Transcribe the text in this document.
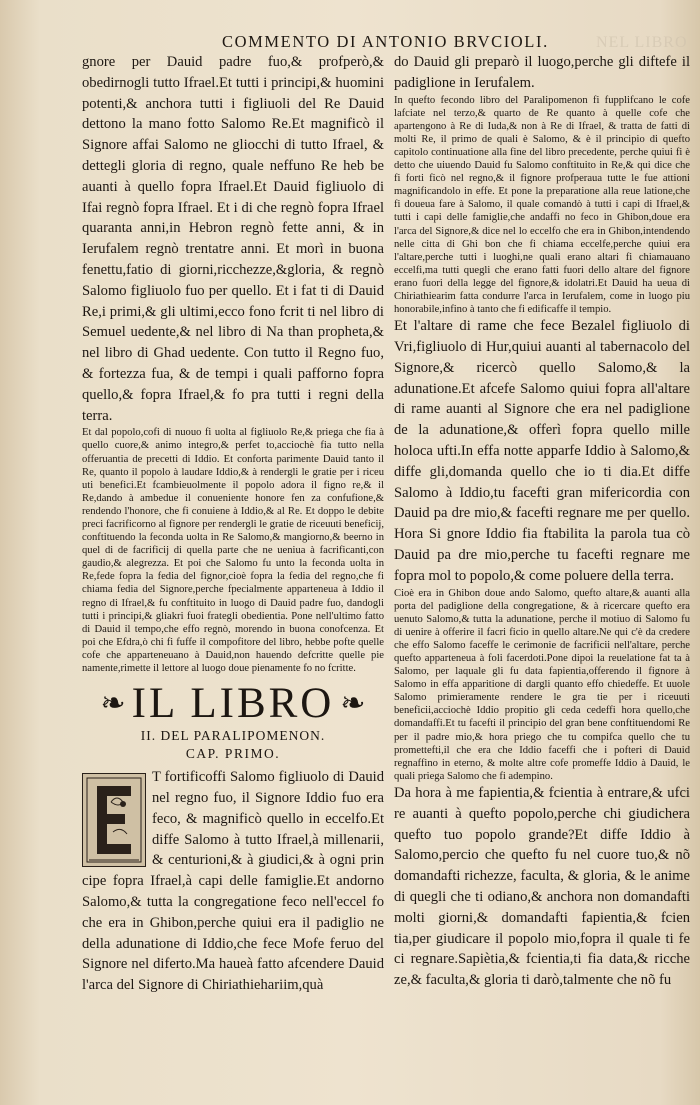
COMMENTO DI ANTONIO BRVCIOLI.	NEL LIBRO

gnore per Dauid padre fuo,& profperò,& obedirnogli tutto Ifrael.Et tutti i principi,& huomini potenti,& anchora tutti i figliuoli del Re Dauid dettono la mano fotto Salomo Re.Et magnificò il Signore affai Salomo ne gliocchi di tutto Ifrael, & dettegli gloria di regno, quale neffuno Re heb be auanti à quello fopra Ifrael.Et Dauid figliuolo di Ifai regnò fopra Ifrael. Et i di che regnò fopra Ifrael quaranta anni,in Hebron regnò fette anni, & in Ierufalem regnò trentatre anni. Et morì in buona fenettu,fatio di giorni,ricchezze,&gloria, & regnò Salomo figliuolo fuo per quello. Et i fat ti di Dauid Re,i primi,& gli ultimi,ecco fono fcrit ti nel libro di Semuel uedente,& nel libro di Na than propheta,& nel libro di Ghad uedente. Con tutto il Regno fuo, & fortezza fua, & de tempi i quali pafforno fopra quello,& fopra Ifrael,& fo pra tutti i regni della terra.

Et dal popolo,cofi di nuouo fi uolta al figliuolo Re,& priega che fia à quello cuore,& animo integro,& perfet to,acciochè fia tutto nella offeruantia de precetti di Iddio. Et conforta parimente Dauid tanto il Re, quanto il popolo à laudare Iddio,& à rendergli le gratie per i riceu uti benefici.Et fcambieuolmente il popolo adora il figno re,& il Re,dando à ambedue il conueniente honore fen za confufione,& rendendo l'honore, che fi conuiene à Iddio,& al Re. Et doppo le debite preci facrificorno al fignore per rendergli le gratie de riceuuti beneficij, conftituendo la feconda uolta in Re Salomo,& mangiorno,& beerno in quel di de facrificij di quella parte che ne ueniua à facrificanti,con gaudio,& alegrezza. Et poi che Salomo fu unto la feconda uolta in Re,fede fopra la fedia del fignor,cioè fopra la fedia del regno,che fi chiama fedia del Signore,perche fpecialmente apparteneua à Iddio il regno di Ifrael,& fu conftituito in luogo di Dauid padre fuo, dandogli tutti i principi,& gliakri fuoi frategli obedientia. Pone nell'ultimo fatto di Dauid il tempo,che effo regnò, morendo in buona conofcenza. Et poi che Efdra,ò chi fi fuffe il compofitore del libro, hebbe pofte quelle cofe che apparteneuano à Dauid,non hauendo defcritte quelle pie namente,rimette il lettore al luogo doue pienamente fo no fcritte.

❧ IL LIBRO ❧
II. DEL PARALIPOMENON.
CAP. PRIMO.

T fortificoffi Salomo figliuolo di Dauid nel regno fuo, il Signore Iddio fuo era feco, & magnificò quello in eccelfo.Et diffe Salomo à tutto Ifrael,à millenarii, & centurioni,& à giudici,& à ogni prin cipe fopra Ifrael,à capi delle famiglie.Et andorno Salomo,& tutta la congregatione feco nell'eccel fo che era in Ghibon,perche quiui era il padiglio ne della adunatione di Iddio,che fece Mofe feruo del Signore nel diferto.Ma haueà fatto afcendere Dauid l'arca del Signore di Chiriathiehariim,quà

do Dauid gli preparò il luogo,perche gli diftefe il padiglione in Ierufalem.

In quefto fecondo libro del Paralipomenon fi fupplifcano le cofe lafciate nel terzo,& quarto de Re quanto à quelle cofe che apartengono à Re di Iuda,& non à Re di Ifrael, & tratta de fatti di molti Re, il primo de quali è Salomo, & è il principio di quefto capitolo continuatione alla fine del libro precedente, perche quiui fi è detto che uiuendo Dauid fu Salomo conftituito in Re,& qui dice che fi forti ficò nel regno,& il fignore profperaua tutte le fue attioni magnificandolo in effe. Et pone la preparatione alla reue latione,che fi doueua fare à Salomo, il quale comandò à tutti i capi di Ifrael,& tutti i capi delle famiglie,che andaffi no feco in Ghibon,doue era l'arca del Signore,& dice nel lo eccelfo che era in Ghibon,intendendo nelle citta di Ghi bon che fi chiama eccelfe,perche quiui era l'altare,perche tutti i luoghi,ne quali erano altari fi chiamauano eccelfi,ma tutti quegli che erano fatti fuori dello altare del fignore erano fuori della legge del fignore,& idolatri.Et Dauid ha ueua di Chiriathiearim fatta condurre l'arca in Ierufalem, come in luogo piu honorabile,infino à tanto che fi edificaffe il tempio.

Et l'altare di rame che fece Bezalel figliuolo di Vri,figliuolo di Hur,quiui auanti al tabernacolo del Signore,& ricercò quello Salomo,& la adunatione.Et afcefe Salomo quiui fopra all'altare di rame auanti al Signore che era nel padiglione de la adunatione,& offerì fopra quello mille holoca ufti.In effa notte apparfe Iddio à Salomo,& diffe gli,domanda quello che io ti dia.Et diffe Salomo à Iddio,tu facefti gran mifericordia con Dauid pa dre mio,& facefti regnare me per quello. Hora Si gnore Iddio fia ftabilita la parola tua cò Dauid pa dre mio,perche tu facefti regnare me fopra mol to popolo,& come poluere della terra.

Cioè era in Ghibon doue ando Salomo, quefto altare,& auanti alla porta del padiglione della congregatione, & à ricercare quefto era uenuto Salomo,& tutta la adunatione, perche il motiuo di Salomo fu di uenire à offerire il facri ficio in quello altare.Ne qui c'è da credere che effo Salomo faceffe le cerimonie de facrificii nell'altare, perche quefto apparteneua à foli facerdoti.Pone dipoi la reuelatione fat ta à Salomo, per laquale gli fu data fapientia,offerendo il fignore à Salomo in effa apparitione di dargli quanto effo chiedeffe. Et uuole Salomo primieramente rendere le gra tie per i riceuuti beneficii,acciochè Iddio propitio gli ceda cedeffi hora quello,che domandaffi.Et tu facefti il principio del gran bene conftituendomi Re per il padre mio,& hora priego che tu compifca quello che tu promettefti,il che era che Iddio faceffi che i pofteri di Dauid regnaffino in eterno, & molte altre cofe promeffe Iddio à Dauid, le quali priega Salomo che fi adempino.

Da hora à me fapientia,& fcientia à entrare,& ufci re auanti à quefto popolo,perche chi giudichera quefto tuo popolo grande?Et diffe Iddio à Salomo,percio che quefto fu nel cuore tuo,& nõ domandafti richezze, faculta, & gloria, & le anime di quegli che ti odiano,& anchora non domandafti molti giorni,& domandafti fapientia,& fcien tia,per giudicare il popolo mio,fopra il quale ti fe ci regnare.Sapiètia,& fcientia,ti fia data,& ricche ze,& faculta,& gloria ti darò,talmente che nõ fu
